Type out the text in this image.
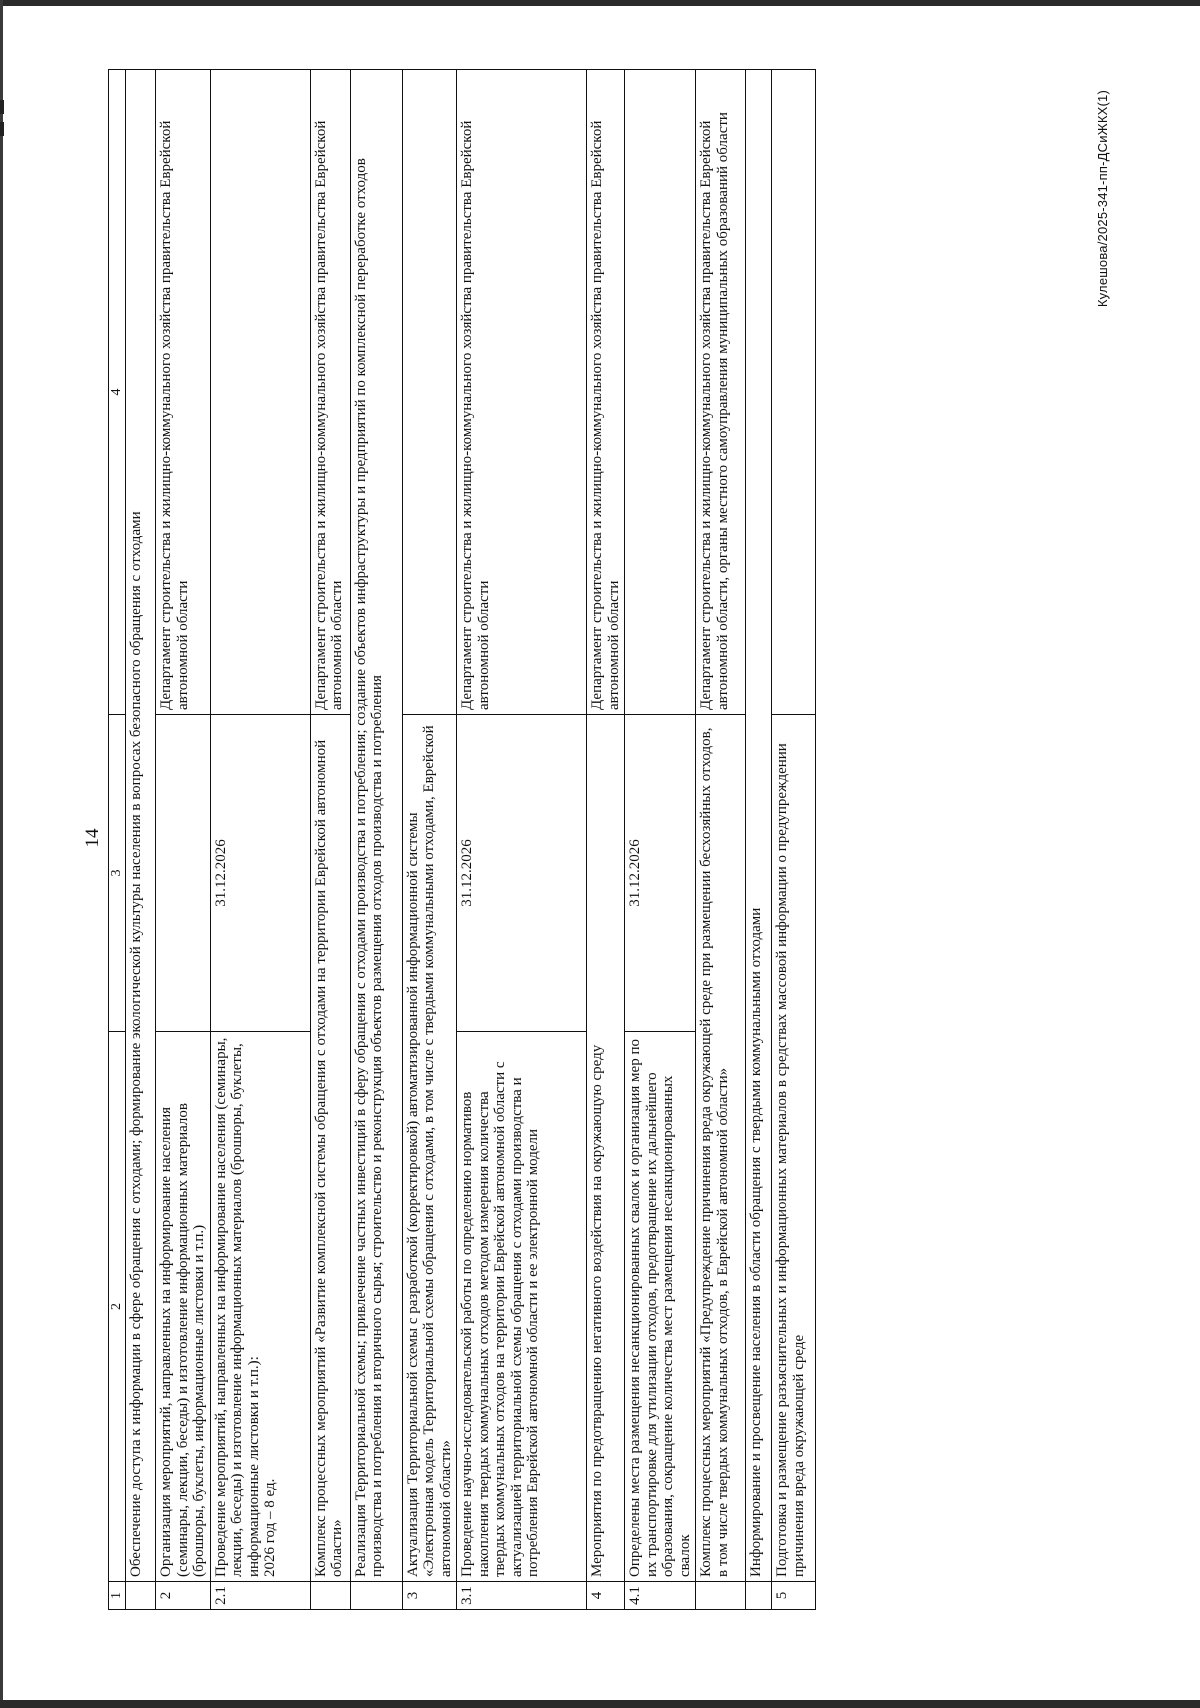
14
1	2	3	4
	Обеспечение доступа к информации в сфере обращения с отходами; формирование экологической культуры населения в вопросах безопасного обращения с отходами		
2	Организация мероприятий, направленных на информирование населения (семинары, лекции, беседы) и изготовление информационных материалов (брошюры, буклеты, информационные листовки и т.п.)		Департамент строительства и жилищно-коммунального хозяйства правительства Еврейской автономной области
2.1	Проведение мероприятий, направленных на информирование населения (семинары, лекции, беседы) и изготовление информационных материалов (брошюры, буклеты, информационные листовки и т.п.): 2026 год – 8 ед.	31.12.2026	
	Комплекс процессных мероприятий «Развитие комплексной системы обращения с отходами на территории Еврейской автономной области»		Департамент строительства и жилищно-коммунального хозяйства правительства Еврейской автономной области
	Реализация Территориальной схемы; привлечение частных инвестиций в сферу обращения с отходами производства и потребления; создание объектов инфраструктуры и предприятий по комплексной переработке отходов производства и потребления и вторичного сырья; строительство и реконструкция объектов размещения отходов производства и потребления		
3	Актуализация Территориальной схемы с разработкой (корректировкой) автоматизированной информационной системы «Электронная модель Территориальной схемы обращения с отходами, в том числе с твердыми коммунальными отходами, Еврейской автономной области»		
3.1	Проведение научно-исследовательской работы по определению нормативов накопления твердых коммунальных отходов методом измерения количества твердых коммунальных отходов на территории Еврейской автономной области с актуализацией территориальной схемы обращения с отходами производства и потребления Еврейской автономной области и ее электронной модели	31.12.2026	Департамент строительства и жилищно-коммунального хозяйства правительства Еврейской автономной области
4	Мероприятия по предотвращению негативного воздействия на окружающую среду		Департамент строительства и жилищно-коммунального хозяйства правительства Еврейской автономной области
4.1	Определены места размещения несанкционированных свалок и организация мер по их транспортировке для утилизации отходов, предотвращение их дальнейшего образования, сокращение количества мест размещения несанкционированных свалок	31.12.2026	
	Комплекс процессных мероприятий «Предупреждение причинения вреда окружающей среде при размещении бесхозяйных отходов, в том числе твердых коммунальных отходов, в Еврейской автономной области»		Департамент строительства и жилищно-коммунального хозяйства правительства Еврейской автономной области, органы местного самоуправления муниципальных образований области
	Информирование и просвещение населения в области обращения с твердыми коммунальными отходами		
5	Подготовка и размещение разъяснительных и информационных материалов в средствах массовой информации о предупреждении причинения вреда окружающей среде		
Кулешова/2025-341-пп-ДСиЖКХ(1)
